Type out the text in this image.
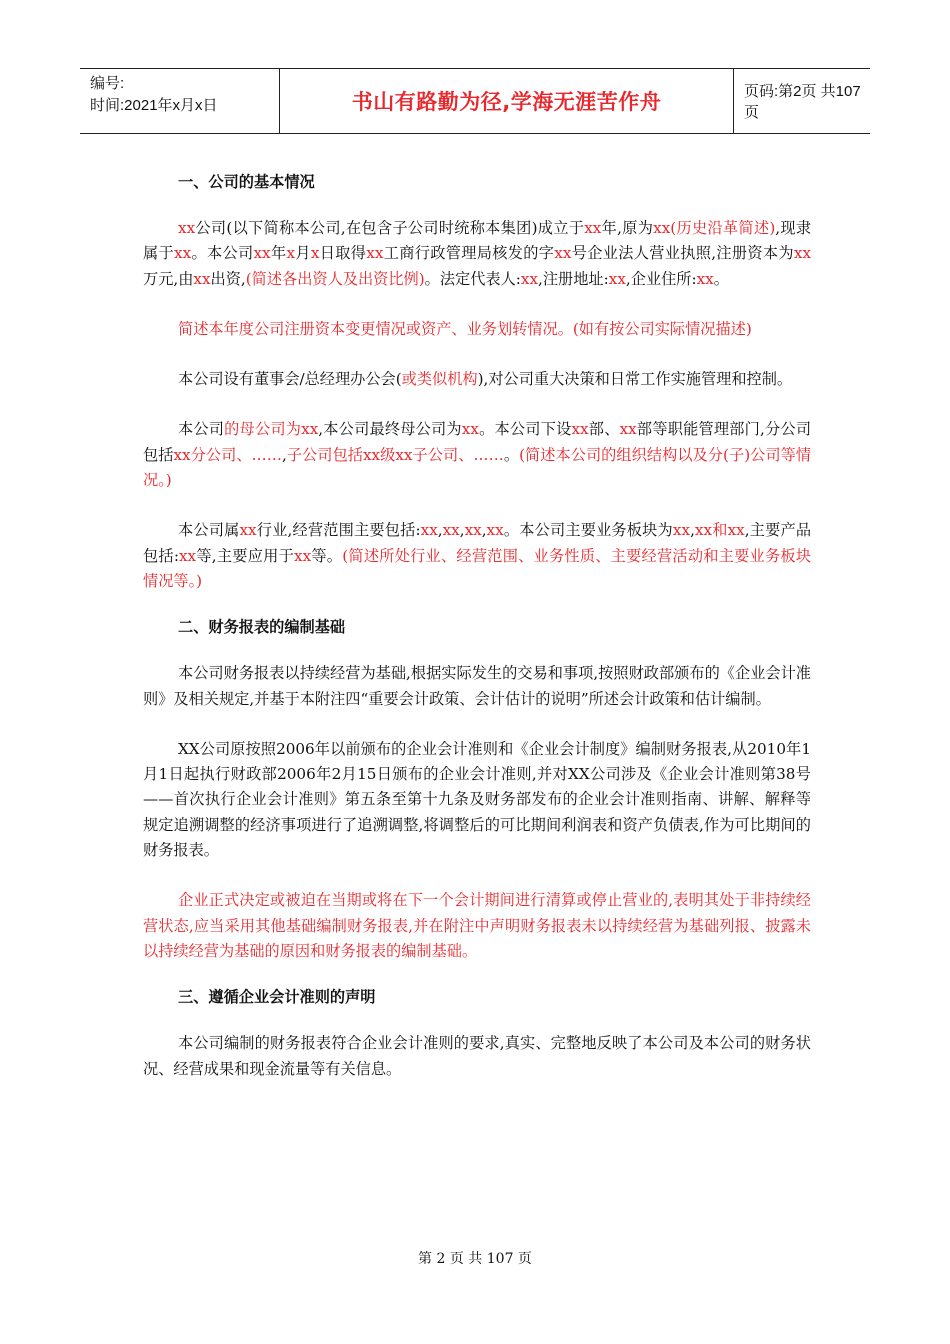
编号:
时间:2021年x月x日	书山有路勤为径,学海无涯苦作舟	页码:第2页 共107页
一、公司的基本情况
xx公司(以下简称本公司,在包含子公司时统称本集团)成立于xx年,原为xx(历史沿革简述),现隶属于xx。本公司xx年x月x日取得xx工商行政管理局核发的字xx号企业法人营业执照,注册资本为xx万元,由xx出资,(简述各出资人及出资比例)。法定代表人:xx,注册地址:xx,企业住所:xx。
简述本年度公司注册资本变更情况或资产、业务划转情况。(如有按公司实际情况描述)
本公司设有董事会/总经理办公会(或类似机构),对公司重大决策和日常工作实施管理和控制。
本公司的母公司为xx,本公司最终母公司为xx。本公司下设xx部、xx部等职能管理部门,分公司包括xx分公司、……,子公司包括xx级xx子公司、……。(简述本公司的组织结构以及分(子)公司等情况。)
本公司属xx行业,经营范围主要包括:xx,xx,xx,xx。本公司主要业务板块为xx,xx和xx,主要产品包括:xx等,主要应用于xx等。(简述所处行业、经营范围、业务性质、主要经营活动和主要业务板块情况等。)
二、财务报表的编制基础
本公司财务报表以持续经营为基础,根据实际发生的交易和事项,按照财政部颁布的《企业会计准则》及相关规定,并基于本附注四“重要会计政策、会计估计的说明”所述会计政策和估计编制。
XX公司原按照2006年以前颁布的企业会计准则和《企业会计制度》编制财务报表,从2010年1月1日起执行财政部2006年2月15日颁布的企业会计准则,并对XX公司涉及《企业会计准则第38号——首次执行企业会计准则》第五条至第十九条及财务部发布的企业会计准则指南、讲解、解释等规定追溯调整的经济事项进行了追溯调整,将调整后的可比期间利润表和资产负债表,作为可比期间的财务报表。
企业正式决定或被迫在当期或将在下一个会计期间进行清算或停止营业的,表明其处于非持续经营状态,应当采用其他基础编制财务报表,并在附注中声明财务报表未以持续经营为基础列报、披露未以持续经营为基础的原因和财务报表的编制基础。
三、遵循企业会计准则的声明
本公司编制的财务报表符合企业会计准则的要求,真实、完整地反映了本公司及本公司的财务状况、经营成果和现金流量等有关信息。
第 2 页 共 107 页
